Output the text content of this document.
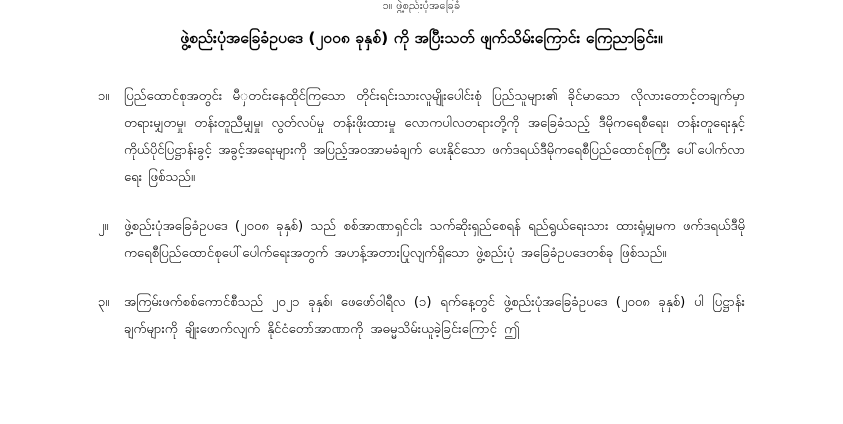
၁။ ဖွဲ့စည်းပုံအခြေခံ
ဖွဲ့စည်းပုံအခြေခံဥပဒေ (၂၀၀၈ ခုနှစ်) ကို အပြီးသတ် ဖျက်သိမ်းကြောင်း ကြေညာခြင်း။
၁။	ပြည်ထောင်စုအတွင်း မီှတင်းနေထိုင်ကြသော တိုင်းရင်းသားလူမျိုးပေါင်းစုံ ပြည်သူများ၏ ခိုင်မာသော လိုလားတောင့်တချက်မှာ တရားမျှတမှု၊ တန်းတူညီမျှမှု၊ လွတ်လပ်မှု တန်းဖိုးထားမှု လောကပါလတရားတို့ကို အခြေခံသည့် ဒီမိုကရေစီရေး၊ တန်းတူရေးနှင့် ကိုယ်ပိုင်ပြဋ္ဌာန်းခွင့် အခွင့်အရေးများကို အပြည့်အဝအာမခံချက် ပေးနိုင်သော ဖက်ဒရယ်ဒီမိုကရေစီပြည်ထောင်စုကြီး ပေါ်ပေါက်လာရေး ဖြစ်သည်။
၂။	ဖွဲ့စည်းပုံအခြေခံဥပဒေ (၂၀၀၈ ခုနှစ်) သည် စစ်အာဏာရှင်ငါး သက်ဆိုးရှည်စေရန် ရည်ရွယ်ရေးသား ထားရုံမျှမက ဖက်ဒရယ်ဒီမိုကရေစီပြည်ထောင်စုပေါ်ပေါက်ရေးအတွက် အဟန့်အတားပြုလျက်ရှိသော ဖွဲ့စည်းပုံ အခြေခံဥပဒေတစ်ခု ဖြစ်သည်။
၃။	အကြမ်းဖက်စစ်ကောင်စီသည် ၂၀၂၁ ခုနှစ်၊ ဖေဖော်ဝါရီလ (၁) ရက်နေ့တွင် ဖွဲ့စည်းပုံအခြေခံဥပဒေ (၂၀၀၈ ခုနှစ်) ပါ ပြဋ္ဌာန်းချက်များကို ချိုးဖောက်လျက် နိုင်ငံတော်အာဏာကို အဓမ္မသိမ်းယူခဲ့ခြင်းကြောင့် ဤ
